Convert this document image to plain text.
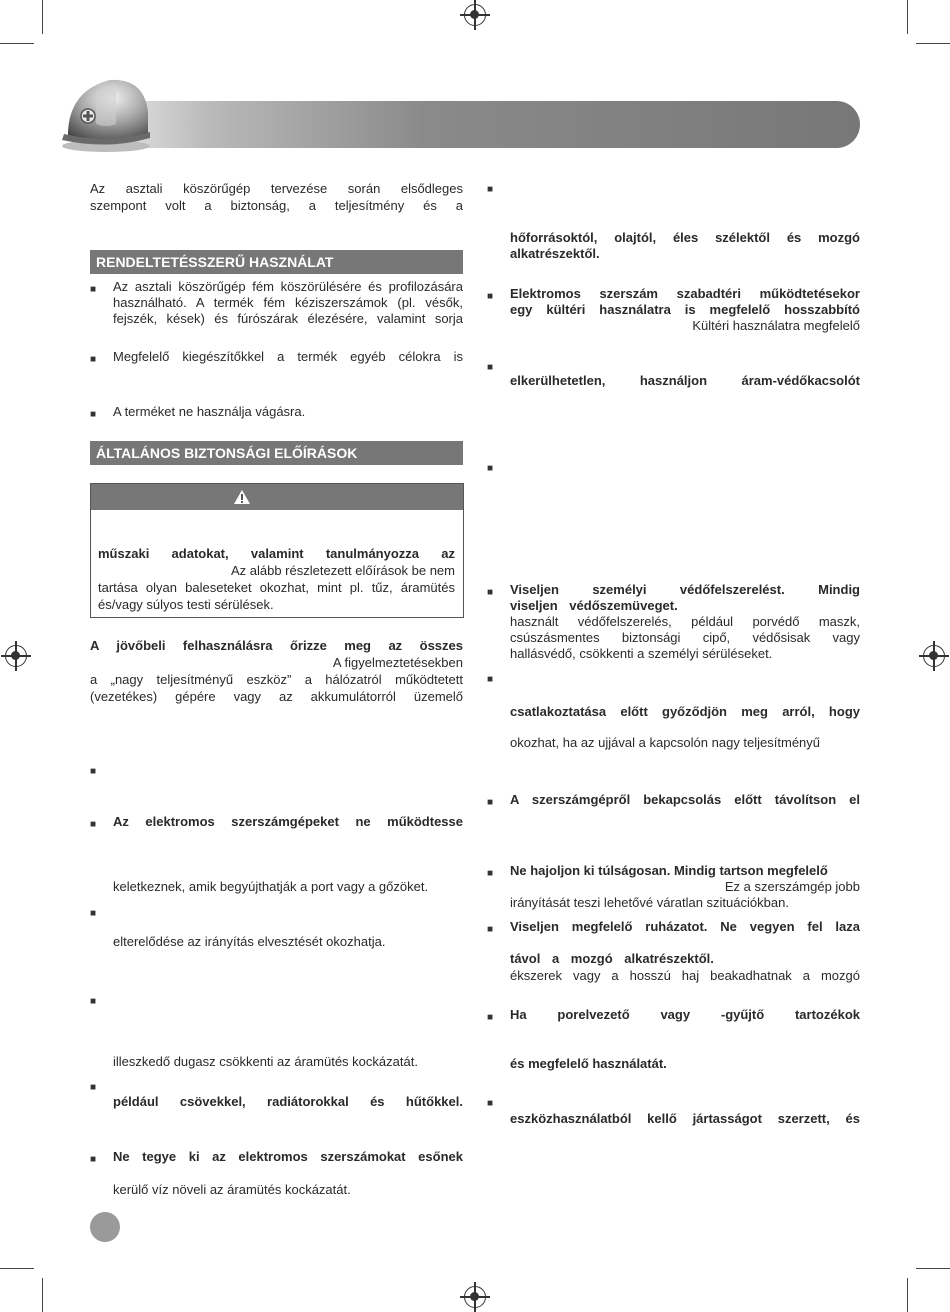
Az asztali köszörűgép tervezése során elsődleges
szempont volt a biztonság, a teljesítmény és a
RENDELTETÉSSZERŰ HASZNÁLAT
■ Az asztali köszörűgép fém köszörülésére és profilozására
használható. A termék fém kéziszerszámok (pl. vésők,
fejszék, kések) és fúrószárak élezésére, valamint sorja
■ Megfelelő kiegészítőkkel a termék egyéb célokra is
■ A terméket ne használja vágásra.
ÁLTALÁNOS BIZTONSÁGI ELŐÍRÁSOK
műszaki adatokat, valamint tanulmányozza az
Az alább részletezett előírások be nem
tartása olyan baleseteket okozhat, mint pl. tűz, áramütés
és/vagy súlyos testi sérülések.
A jövőbeli felhasználásra őrizze meg az összes
A figyelmeztetésekben
a „nagy teljesítményű eszköz” a hálózatról működtetett
(vezetékes) gépére vagy az akkumulátorról üzemelő
■
■ Az elektromos szerszámgépeket ne működtesse
keletkeznek, amik begyújthatják a port vagy a gőzöket.
■
elterelődése az irányítás elvesztését okozhatja.
■
illeszkedő dugasz csökkenti az áramütés kockázatát.
■
például csövekkel, radiátorokkal és hűtőkkel.
■ Ne tegye ki az elektromos szerszámokat esőnek
kerülő víz növeli az áramütés kockázatát.
■
hőforrásoktól, olajtól, éles szélektől és mozgó
alkatrészektől.
■ Elektromos szerszám szabadtéri működtetésekor
egy kültéri használatra is megfelelő hosszabbító
Kültéri használatra megfelelő
■
elkerülhetetlen, használjon áram-védőkacsolót
■
■ Viseljen személyi védőfelszerelést. Mindig
viseljen védőszemüveget.
használt védőfelszerelés, például porvédő maszk,
csúszásmentes biztonsági cipő, védősisak vagy
hallásvédő, csökkenti a személyi sérüléseket.
■
csatlakoztatása előtt győződjön meg arról, hogy
okozhat, ha az ujjával a kapcsolón nagy teljesítményű
■ A szerszámgépről bekapcsolás előtt távolítson el
■ Ne hajoljon ki túlságosan. Mindig tartson megfelelő
Ez a szerszámgép jobb
irányítását teszi lehetővé váratlan szituációkban.
■ Viseljen megfelelő ruházatot. Ne vegyen fel laza
távol a mozgó alkatrészektől.
ékszerek vagy a hosszú haj beakadhatnak a mozgó
■ Ha porelvezető vagy -gyűjtő tartozékok
és megfelelő használatát.
■
eszközhasználatból kellő jártasságot szerzett, és
